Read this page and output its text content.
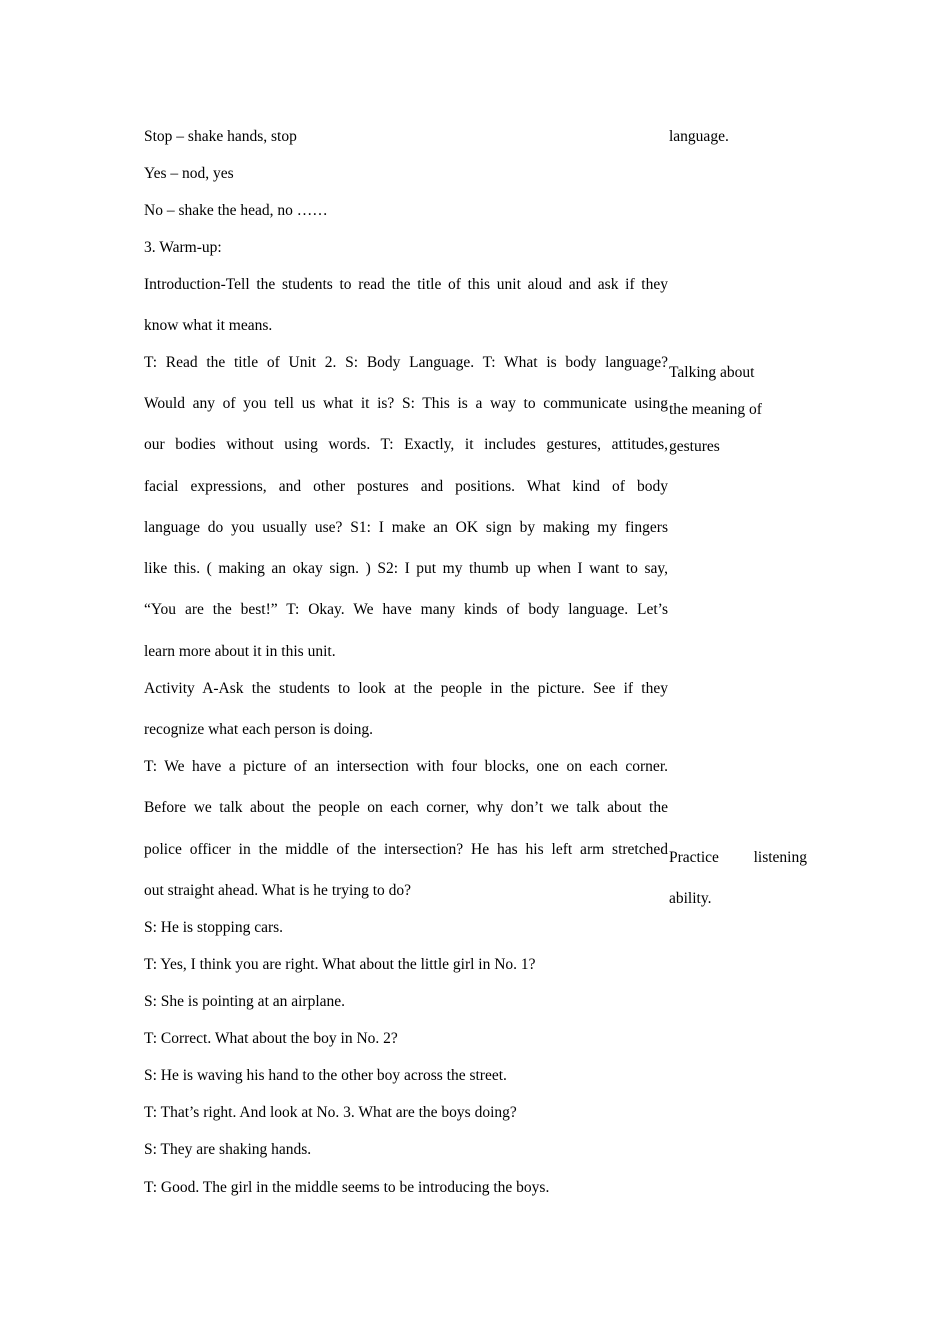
Stop – shake hands, stop
Yes – nod, yes
No – shake the head, no ……
3. Warm-up:
Introduction-Tell the students to read the title of this unit aloud and ask if they
know what it means.
T: Read the title of Unit 2. S: Body Language. T: What is body language?
Would any of you tell us what it is? S: This is a way to communicate using
our bodies without using words. T: Exactly, it includes gestures, attitudes,
facial expressions, and other postures and positions. What kind of body
language do you usually use? S1: I make an OK sign by making my fingers
like this. ( making an okay sign. ) S2: I put my thumb up when I want to say,
“You are the best!” T: Okay. We have many kinds of body language. Let’s
learn more about it in this unit.
Activity A-Ask the students to look at the people in the picture. See if they
recognize what each person is doing.
T: We have a picture of an intersection with four blocks, one on each corner.
Before we talk about the people on each corner, why don’t we talk about the
police officer in the middle of the intersection? He has his left arm stretched
out straight ahead. What is he trying to do?
S: He is stopping cars.
T: Yes, I think you are right. What about the little girl in No. 1?
S: She is pointing at an airplane.
T: Correct. What about the boy in No. 2?
S: He is waving his hand to the other boy across the street.
T: That’s right. And look at No. 3. What are the boys doing?
S: They are shaking hands.
T: Good. The girl in the middle seems to be introducing the boys.
language.
Talking about
the meaning of
gestures
Practice listening
ability.
